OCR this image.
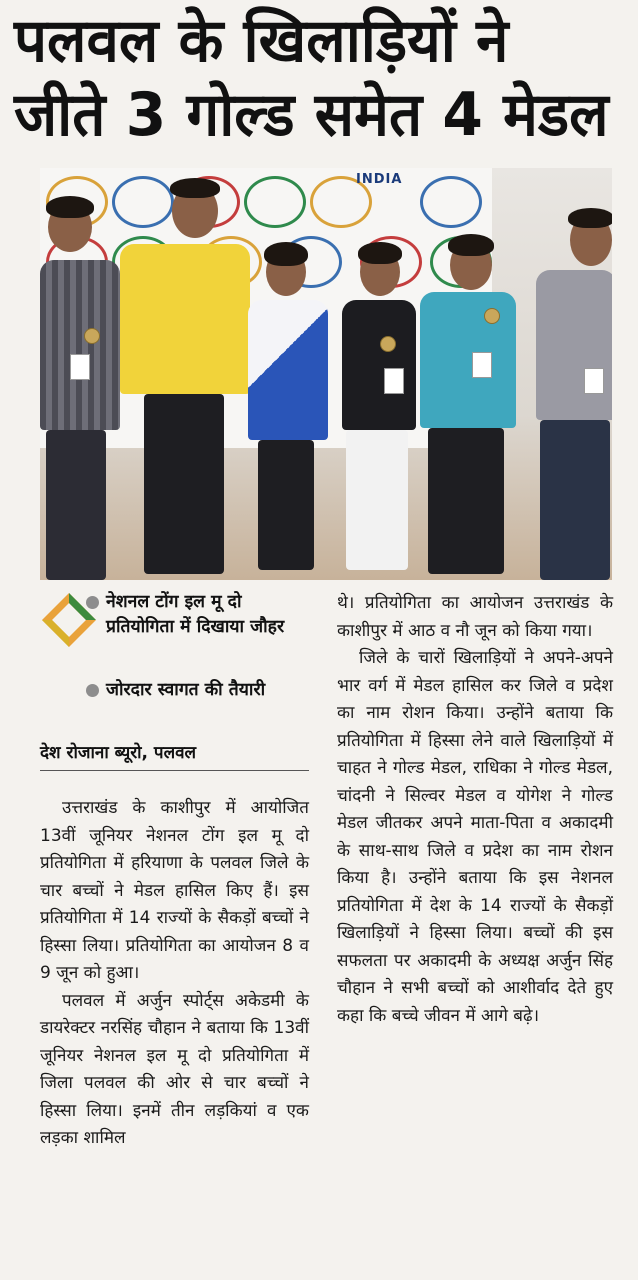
पलवल के खिलाड़ियों ने
जीते 3 गोल्ड समेत 4 मेडल
INDIA
नेशनल टोंग इल मू दो प्रतियोगिता में दिखाया जौहर
जोरदार स्वागत की तैयारी
देश रोजाना ब्यूरो, पलवल

उत्तराखंड के काशीपुर में आयोजित 13वीं जूनियर नेशनल टोंग इल मू दो प्रतियोगिता में हरियाणा के पलवल जिले के चार बच्चों ने मेडल हासिल किए हैं। इस प्रतियोगिता में 14 राज्यों के सैकड़ों बच्चों ने हिस्सा लिया। प्रतियोगिता का आयोजन 8 व 9 जून को हुआ।

पलवल में अर्जुन स्पोर्ट्स अकेडमी के डायरेक्टर नरसिंह चौहान ने बताया कि 13वीं जूनियर नेशनल इल मू दो प्रतियोगिता में जिला पलवल की ओर से चार बच्चों ने हिस्सा लिया। इनमें तीन लड़कियां व एक लड़का शामिल

थे। प्रतियोगिता का आयोजन उत्तराखंड के काशीपुर में आठ व नौ जून को किया गया।

जिले के चारों खिलाड़ियों ने अपने-अपने भार वर्ग में मेडल हासिल कर जिले व प्रदेश का नाम रोशन किया। उन्होंने बताया कि प्रतियोगिता में हिस्सा लेने वाले खिलाड़ियों में चाहत ने गोल्ड मेडल, राधिका ने गोल्ड मेडल, चांदनी ने सिल्वर मेडल व योगेश ने गोल्ड मेडल जीतकर अपने माता-पिता व अकादमी के साथ-साथ जिले व प्रदेश का नाम रोशन किया है। उन्होंने बताया कि इस नेशनल प्रतियोगिता में देश के 14 राज्यों के सैकड़ों खिलाड़ियों ने हिस्सा लिया। बच्चों की इस सफलता पर अकादमी के अध्यक्ष अर्जुन सिंह चौहान ने सभी बच्चों को आशीर्वाद देते हुए कहा कि बच्चे जीवन में आगे बढ़े।
